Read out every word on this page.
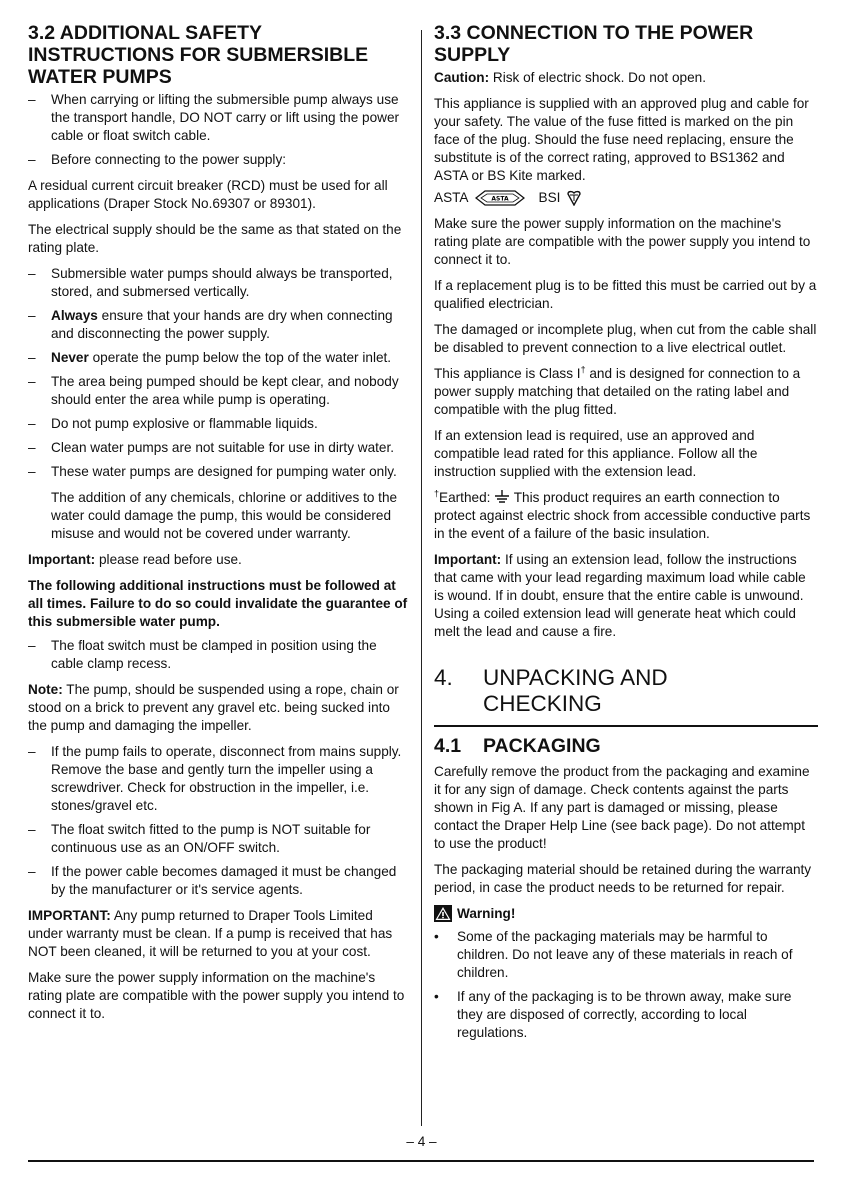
3.2 ADDITIONAL SAFETY INSTRUCTIONS FOR SUBMERSIBLE WATER PUMPS
– When carrying or lifting the submersible pump always use the transport handle, DO NOT carry or lift using the power cable or float switch cable.
– Before connecting to the power supply:

A residual current circuit breaker (RCD) must be used for all applications (Draper Stock No.69307 or 89301).

The electrical supply should be the same as that stated on the rating plate.

– Submersible water pumps should always be transported, stored, and submersed vertically.
– Always ensure that your hands are dry when connecting and disconnecting the power supply.
– Never operate the pump below the top of the water inlet.
– The area being pumped should be kept clear, and nobody should enter the area while pump is operating.
– Do not pump explosive or flammable liquids.
– Clean water pumps are not suitable for use in dirty water.
– These water pumps are designed for pumping water only.

The addition of any chemicals, chlorine or additives to the water could damage the pump, this would be considered misuse and would not be covered under warranty.

Important: please read before use.

The following additional instructions must be followed at all times. Failure to do so could invalidate the guarantee of this submersible water pump.
– The float switch must be clamped in position using the cable clamp recess.

Note: The pump, should be suspended using a rope, chain or stood on a brick to prevent any gravel etc. being sucked into the pump and damaging the impeller.

– If the pump fails to operate, disconnect from mains supply. Remove the base and gently turn the impeller using a screwdriver. Check for obstruction in the impeller, i.e. stones/gravel etc.
– The float switch fitted to the pump is NOT suitable for continuous use as an ON/OFF switch.
– If the power cable becomes damaged it must be changed by the manufacturer or it's service agents.

IMPORTANT: Any pump returned to Draper Tools Limited under warranty must be clean. If a pump is received that has NOT been cleaned, it will be returned to you at your cost.

Make sure the power supply information on the machine's rating plate are compatible with the power supply you intend to connect it to.

3.3 CONNECTION TO THE POWER SUPPLY

Caution: Risk of electric shock. Do not open.

This appliance is supplied with an approved plug and cable for your safety. The value of the fuse fitted is marked on the pin face of the plug. Should the fuse need replacing, ensure the substitute is of the correct rating, approved to BS1362 and ASTA or BS Kite marked.

ASTA	ASTA BSI

Make sure the power supply information on the machine's rating plate are compatible with the power supply you intend to connect it to.

If a replacement plug is to be fitted this must be carried out by a qualified electrician.

The damaged or incomplete plug, when cut from the cable shall be disabled to prevent connection to a live electrical outlet.

This appliance is Class I† and is designed for connection to a power supply matching that detailed on the rating label and compatible with the plug fitted.

If an extension lead is required, use an approved and compatible lead rated for this appliance. Follow all the instruction supplied with the extension lead.

†Earthed:  This product requires an earth connection to protect against electric shock from accessible conductive parts in the event of a failure of the basic insulation.

Important: If using an extension lead, follow the instructions that came with your lead regarding maximum load while cable is wound. If in doubt, ensure that the entire cable is unwound. Using a coiled extension lead will generate heat which could melt the lead and cause a fire.

4.	UNPACKING AND
CHECKING
4.1	PACKAGING

Carefully remove the product from the packaging and examine it for any sign of damage. Check contents against the parts shown in Fig A. If any part is damaged or missing, please contact the Draper Help Line (see back page). Do not attempt to use the product!

The packaging material should be retained during the warranty period, in case the product needs to be returned for repair.

Warning!
• Some of the packaging materials may be harmful to children. Do not leave any of these materials in reach of children.
• If any of the packaging is to be thrown away, make sure they are disposed of correctly, according to local regulations.
– 4 –
